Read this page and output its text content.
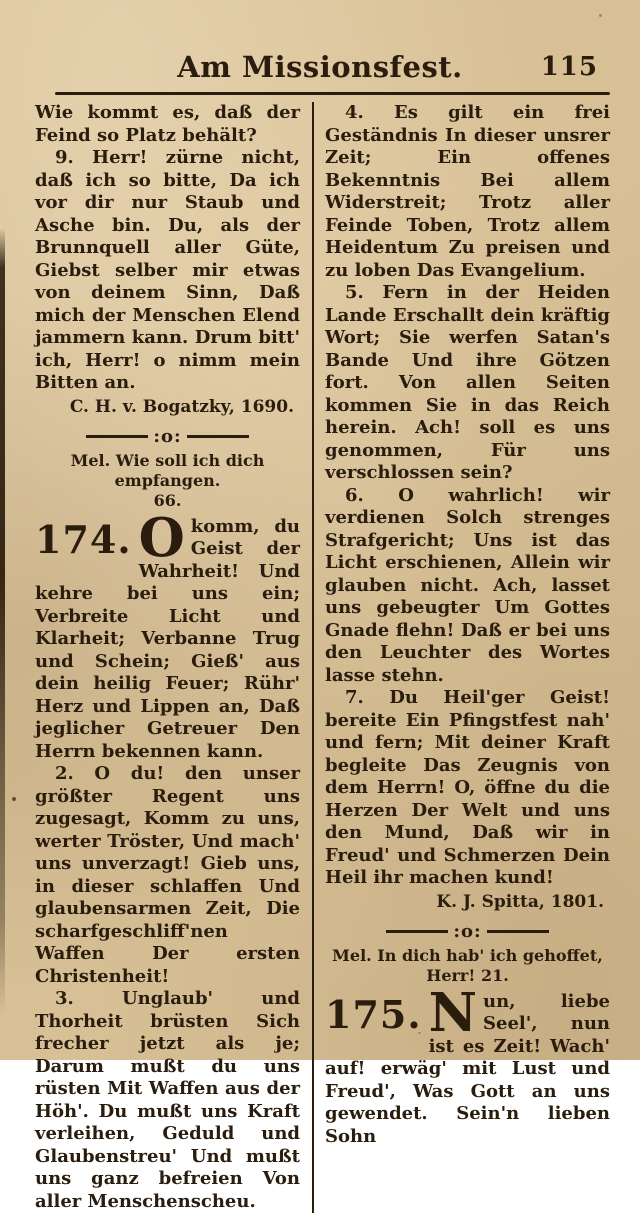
Am Missionsfest.	115

Wie kommt es, daß der Feind so Platz behält?

9. Herr! zürne nicht, daß ich so bitte, Da ich vor dir nur Staub und Asche bin. Du, als der Brunnquell aller Güte, Giebst selber mir etwas von deinem Sinn, Daß mich der Menschen Elend jammern kann. Drum bitt' ich, Herr! o nimm mein Bitten an.

C. H. v. Bogatzky, 1690.

:o:
Mel. Wie soll ich dich empfangen.
66.

174. O komm, du Geist der Wahrheit! Und kehre bei uns ein; Verbreite Licht und Klarheit; Verbanne Trug und Schein; Gieß' aus dein heilig Feuer; Rühr' Herz und Lippen an, Daß jeglicher Getreuer Den Herrn bekennen kann.

2. O du! den unser größter Regent uns zugesagt, Komm zu uns, werter Tröster, Und mach' uns unverzagt! Gieb uns, in dieser schlaffen Und glaubensarmen Zeit, Die scharfgeschliff'nen Waffen Der ersten Christenheit!

3. Unglaub' und Thorheit brüsten Sich frecher jetzt als je; Darum mußt du uns rüsten Mit Waffen aus der Höh'. Du mußt uns Kraft verleihen, Geduld und Glaubenstreu' Und mußt uns ganz befreien Von aller Menschenscheu.

4. Es gilt ein frei Geständnis In dieser unsrer Zeit; Ein offenes Bekenntnis Bei allem Widerstreit; Trotz aller Feinde Toben, Trotz allem Heidentum Zu preisen und zu loben Das Evangelium.

5. Fern in der Heiden Lande Erschallt dein kräftig Wort; Sie werfen Satan's Bande Und ihre Götzen fort. Von allen Seiten kommen Sie in das Reich herein. Ach! soll es uns genommen, Für uns verschlossen sein?

6. O wahrlich! wir verdienen Solch strenges Strafgericht; Uns ist das Licht erschienen, Allein wir glauben nicht. Ach, lasset uns gebeugter Um Gottes Gnade flehn! Daß er bei uns den Leuchter des Wortes lasse stehn.

7. Du Heil'ger Geist! bereite Ein Pfingstfest nah' und fern; Mit deiner Kraft begleite Das Zeugnis von dem Herrn! O, öffne du die Herzen Der Welt und uns den Mund, Daß wir in Freud' und Schmerzen Dein Heil ihr machen kund!

K. J. Spitta, 1801.

:o:
Mel. In dich hab' ich gehoffet,
Herr! 21.

175. N un, liebe Seel', nun ist es Zeit! Wach' auf! erwäg' mit Lust und Freud', Was Gott an uns gewendet. Sein'n lieben Sohn
